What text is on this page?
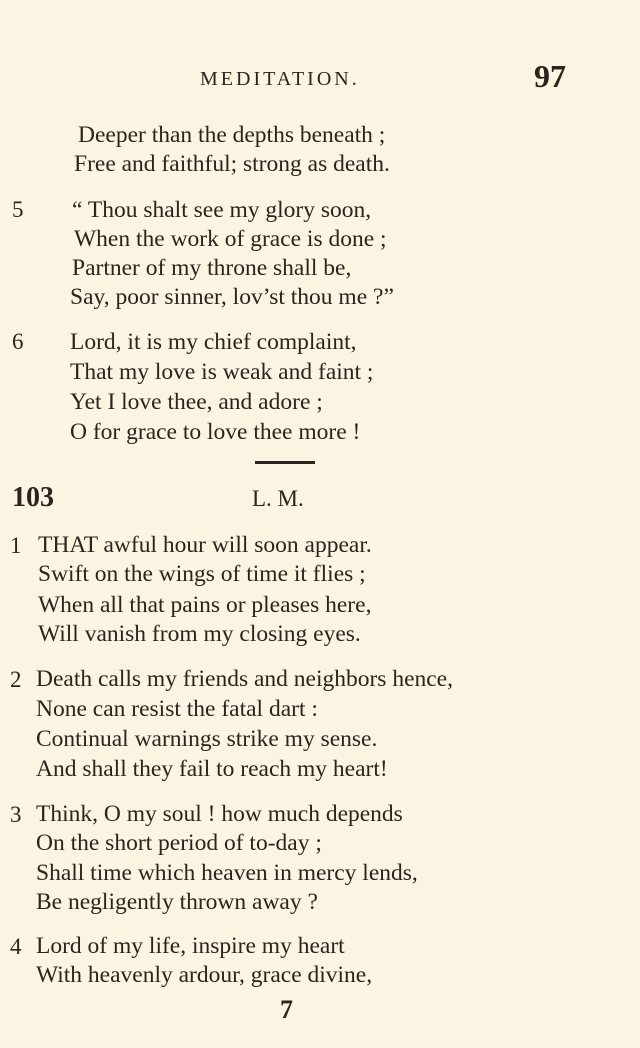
MEDITATION.	97
Deeper than the depths beneath ;
Free and faithful; strong as death.
5 “ Thou shalt see my glory soon,
When the work of grace is done ;
Partner of my throne shall be,
Say, poor sinner, lov’st thou me ?”
6 Lord, it is my chief complaint,
That my love is weak and faint ;
Yet I love thee, and adore ;
O for grace to love thee more !
103	L. M.
1 THAT awful hour will soon appear.
Swift on the wings of time it flies ;
When all that pains or pleases here,
Will vanish from my closing eyes.
2 Death calls my friends and neighbors hence,
None can resist the fatal dart :
Continual warnings strike my sense.
And shall they fail to reach my heart!
3 Think, O my soul ! how much depends
On the short period of to-day ;
Shall time which heaven in mercy lends,
Be negligently thrown away ?
4 Lord of my life, inspire my heart
With heavenly ardour, grace divine,
7
